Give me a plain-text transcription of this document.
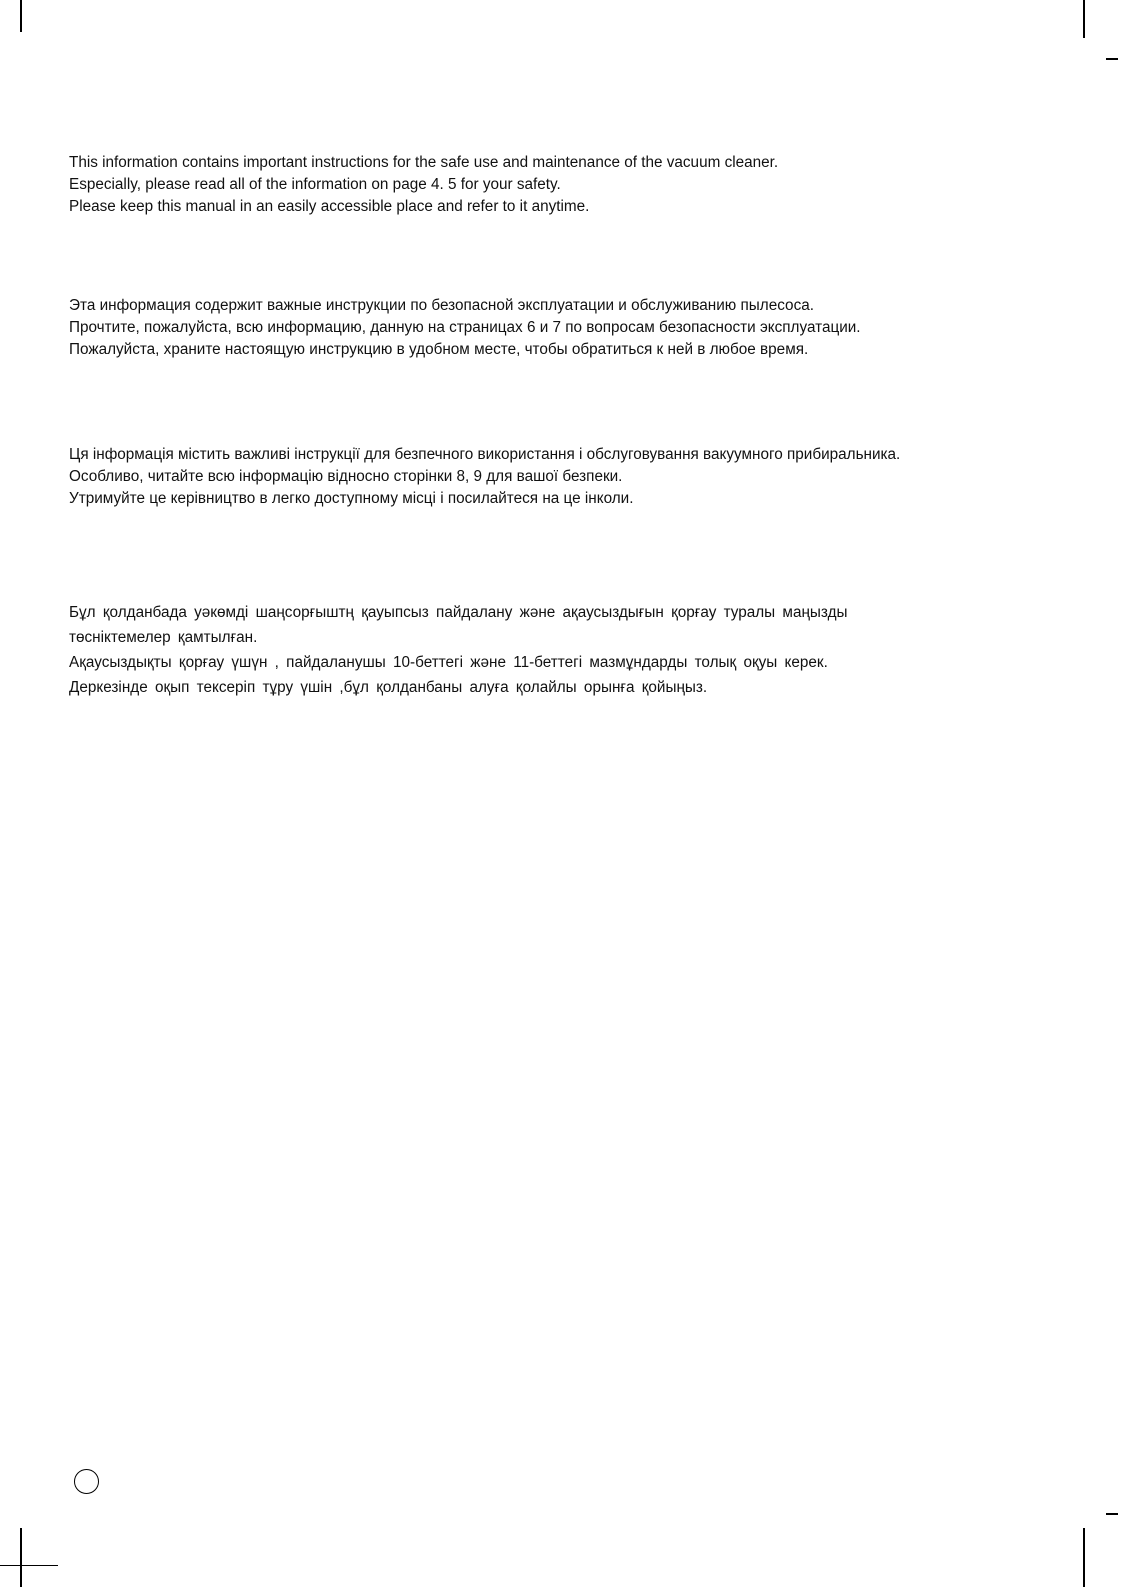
This information contains important instructions for the safe use and maintenance of the vacuum cleaner.
Especially, please read all of the information on page 4. 5 for your safety.
Please keep this manual in an easily accessible place and refer to it anytime.
Эта информация содержит важные инструкции по безопасной эксплуатации и обслуживанию пылесоса.
Прочтите, пожалуйста, всю информацию, данную на страницах 6 и 7 по вопросам безопасности эксплуатации.
Пожалуйста, храните настоящую инструкцию в удобном месте, чтобы обратиться к ней в любое время.
Ця інформація містить важливі інструкції для безпечного використання і обслуговування вакуумного прибиральника.
Особливо, читайте всю інформацію відносно сторінки 8, 9 для вашої безпеки.
Утримуйте це керівництво в легко доступному місці і посилайтеся на це інколи.
Бұл қолданбада уәкөмді шаңсорғыштң қауыпсыз пайдалану және ақаусыздығын қорғау туралы маңызды
төсніктемелер қамтылған.
Ақаусыздықты қорғау үшүн , пайдаланушы 10-беттегі және 11-беттегі мазмұндарды толық оқуы керек.
Деркезінде оқып тексеріп тұру үшін ,бұл қолданбаны алуға қолайлы орынға қойыңыз.
